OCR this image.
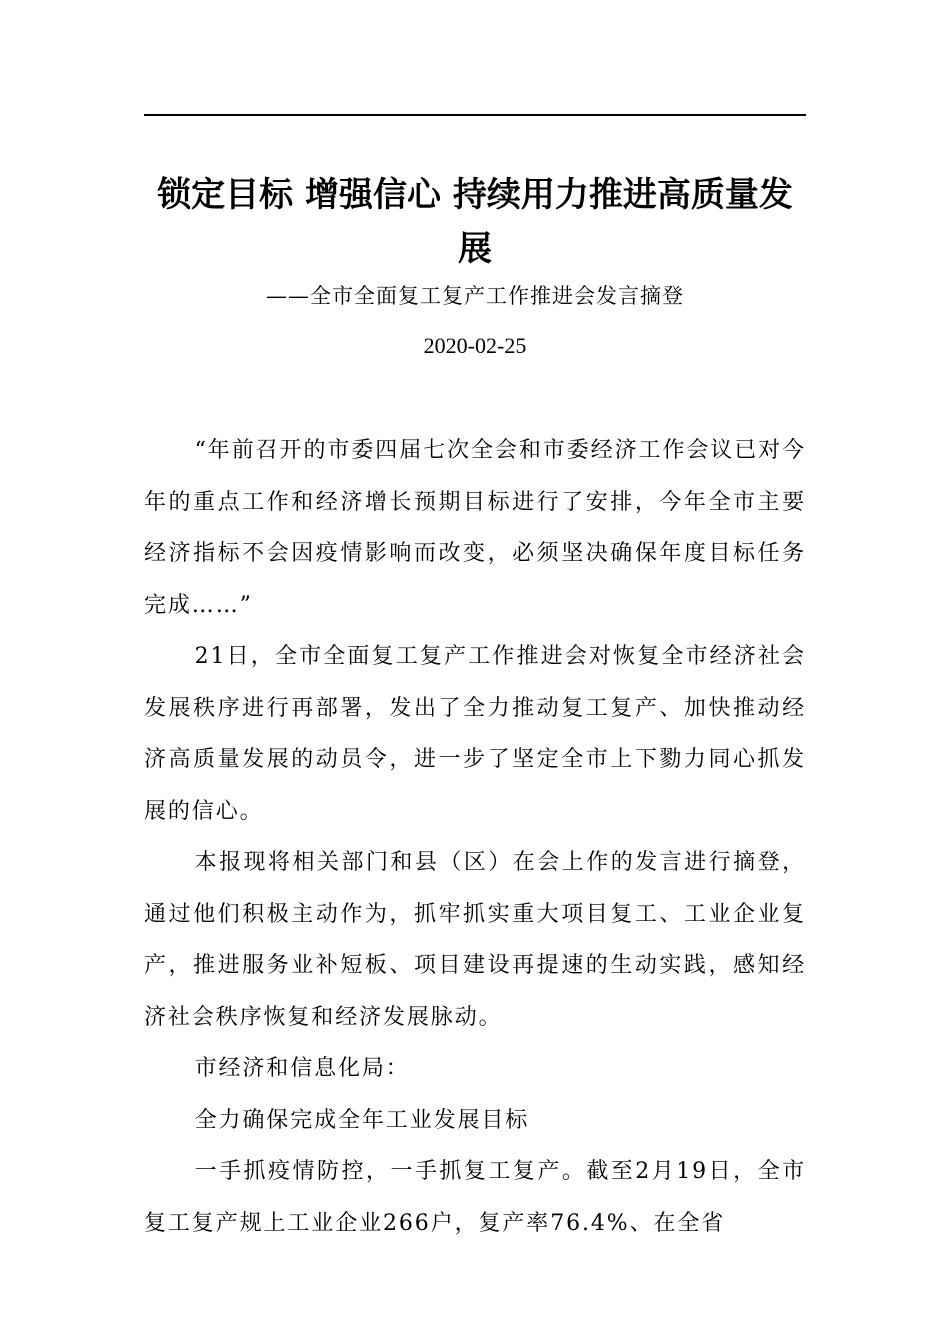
锁定目标 增强信心 持续用力推进高质量发展
——全市全面复工复产工作推进会发言摘登
2020-02-25

“年前召开的市委四届七次全会和市委经济工作会议已对今年的重点工作和经济增长预期目标进行了安排，今年全市主要经济指标不会因疫情影响而改变，必须坚决确保年度目标任务完成……”

21日，全市全面复工复产工作推进会对恢复全市经济社会发展秩序进行再部署，发出了全力推动复工复产、加快推动经济高质量发展的动员令，进一步了坚定全市上下勠力同心抓发展的信心。

本报现将相关部门和县（区）在会上作的发言进行摘登，通过他们积极主动作为，抓牢抓实重大项目复工、工业企业复产，推进服务业补短板、项目建设再提速的生动实践，感知经济社会秩序恢复和经济发展脉动。

市经济和信息化局：

全力确保完成全年工业发展目标

一手抓疫情防控，一手抓复工复产。截至2月19日，全市复工复产规上工业企业266户，复产率76.4%、在全省
